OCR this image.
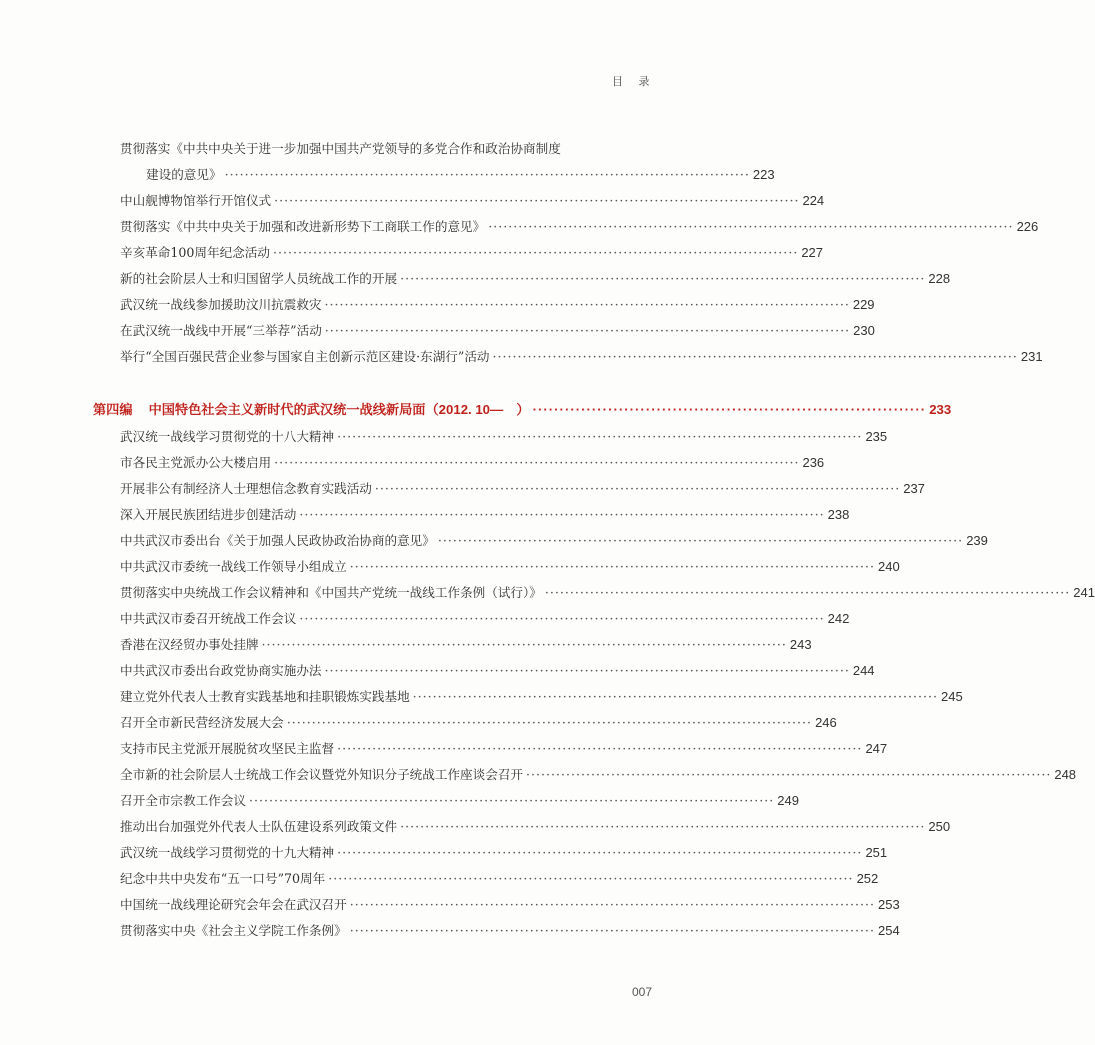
目 录
贯彻落实《中共中央关于进一步加强中国共产党领导的多党合作和政治协商制度
建设的意见》 ········································································································· 223
中山舰博物馆举行开馆仪式 ········································································································· 224
贯彻落实《中共中央关于加强和改进新形势下工商联工作的意见》 ········································································································· 226
辛亥革命100周年纪念活动 ········································································································· 227
新的社会阶层人士和归国留学人员统战工作的开展 ········································································································· 228
武汉统一战线参加援助汶川抗震救灾 ········································································································· 229
在武汉统一战线中开展“三举荐”活动 ········································································································· 230
举行“全国百强民营企业参与国家自主创新示范区建设·东湖行”活动 ········································································································· 231
第四编 中国特色社会主义新时代的武汉统一战线新局面（2012. 10—　） ········································································· 233
武汉统一战线学习贯彻党的十八大精神 ········································································································· 235
市各民主党派办公大楼启用 ········································································································· 236
开展非公有制经济人士理想信念教育实践活动 ········································································································· 237
深入开展民族团结进步创建活动 ········································································································· 238
中共武汉市委出台《关于加强人民政协政治协商的意见》 ········································································································· 239
中共武汉市委统一战线工作领导小组成立 ········································································································· 240
贯彻落实中央统战工作会议精神和《中国共产党统一战线工作条例（试行）》 ········································································································· 241
中共武汉市委召开统战工作会议 ········································································································· 242
香港在汉经贸办事处挂牌 ········································································································· 243
中共武汉市委出台政党协商实施办法 ········································································································· 244
建立党外代表人士教育实践基地和挂职锻炼实践基地 ········································································································· 245
召开全市新民营经济发展大会 ········································································································· 246
支持市民主党派开展脱贫攻坚民主监督 ········································································································· 247
全市新的社会阶层人士统战工作会议暨党外知识分子统战工作座谈会召开 ········································································································· 248
召开全市宗教工作会议 ········································································································· 249
推动出台加强党外代表人士队伍建设系列政策文件 ········································································································· 250
武汉统一战线学习贯彻党的十九大精神 ········································································································· 251
纪念中共中央发布“五一口号”70周年 ········································································································· 252
中国统一战线理论研究会年会在武汉召开 ········································································································· 253
贯彻落实中央《社会主义学院工作条例》 ········································································································· 254
007
